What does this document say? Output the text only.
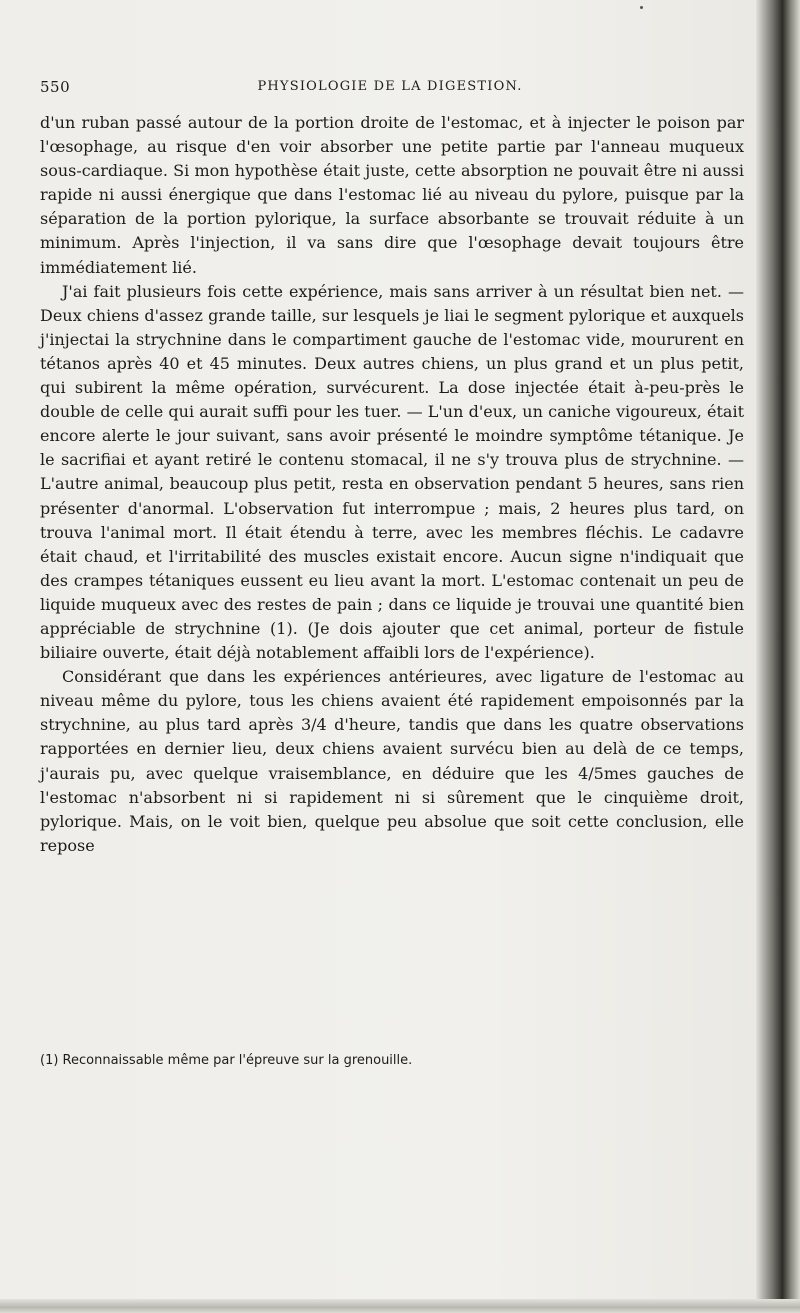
550	PHYSIOLOGIE DE LA DIGESTION.

d'un ruban passé autour de la portion droite de l'estomac, et à injecter le poison par l'œsophage, au risque d'en voir absorber une petite partie par l'anneau muqueux sous-cardiaque. Si mon hypothèse était juste, cette absorption ne pouvait être ni aussi rapide ni aussi énergique que dans l'estomac lié au niveau du pylore, puisque par la séparation de la portion pylorique, la surface absorbante se trouvait réduite à un minimum. Après l'injection, il va sans dire que l'œsophage devait toujours être immédiatement lié.

J'ai fait plusieurs fois cette expérience, mais sans arriver à un résultat bien net. — Deux chiens d'assez grande taille, sur lesquels je liai le segment pylorique et auxquels j'injectai la strychnine dans le compartiment gauche de l'estomac vide, moururent en tétanos après 40 et 45 minutes. Deux autres chiens, un plus grand et un plus petit, qui subirent la même opération, survécurent. La dose injectée était à-peu-près le double de celle qui aurait suffi pour les tuer. — L'un d'eux, un caniche vigoureux, était encore alerte le jour suivant, sans avoir présenté le moindre symptôme tétanique. Je le sacrifiai et ayant retiré le contenu stomacal, il ne s'y trouva plus de strychnine. — L'autre animal, beaucoup plus petit, resta en observation pendant 5 heures, sans rien présenter d'anormal. L'observation fut interrompue ; mais, 2 heures plus tard, on trouva l'animal mort. Il était étendu à terre, avec les membres fléchis. Le cadavre était chaud, et l'irritabilité des muscles existait encore. Aucun signe n'indiquait que des crampes tétaniques eussent eu lieu avant la mort. L'estomac contenait un peu de liquide muqueux avec des restes de pain ; dans ce liquide je trouvai une quantité bien appréciable de strychnine (1). (Je dois ajouter que cet animal, porteur de fistule biliaire ouverte, était déjà notablement affaibli lors de l'expérience).

Considérant que dans les expériences antérieures, avec ligature de l'estomac au niveau même du pylore, tous les chiens avaient été rapidement empoisonnés par la strychnine, au plus tard après 3/4 d'heure, tandis que dans les quatre observations rapportées en dernier lieu, deux chiens avaient survécu bien au delà de ce temps, j'aurais pu, avec quelque vraisemblance, en déduire que les 4/5mes gauches de l'estomac n'absorbent ni si rapidement ni si sûrement que le cinquième droit, pylorique. Mais, on le voit bien, quelque peu absolue que soit cette conclusion, elle repose

(1) Reconnaissable même par l'épreuve sur la grenouille.
